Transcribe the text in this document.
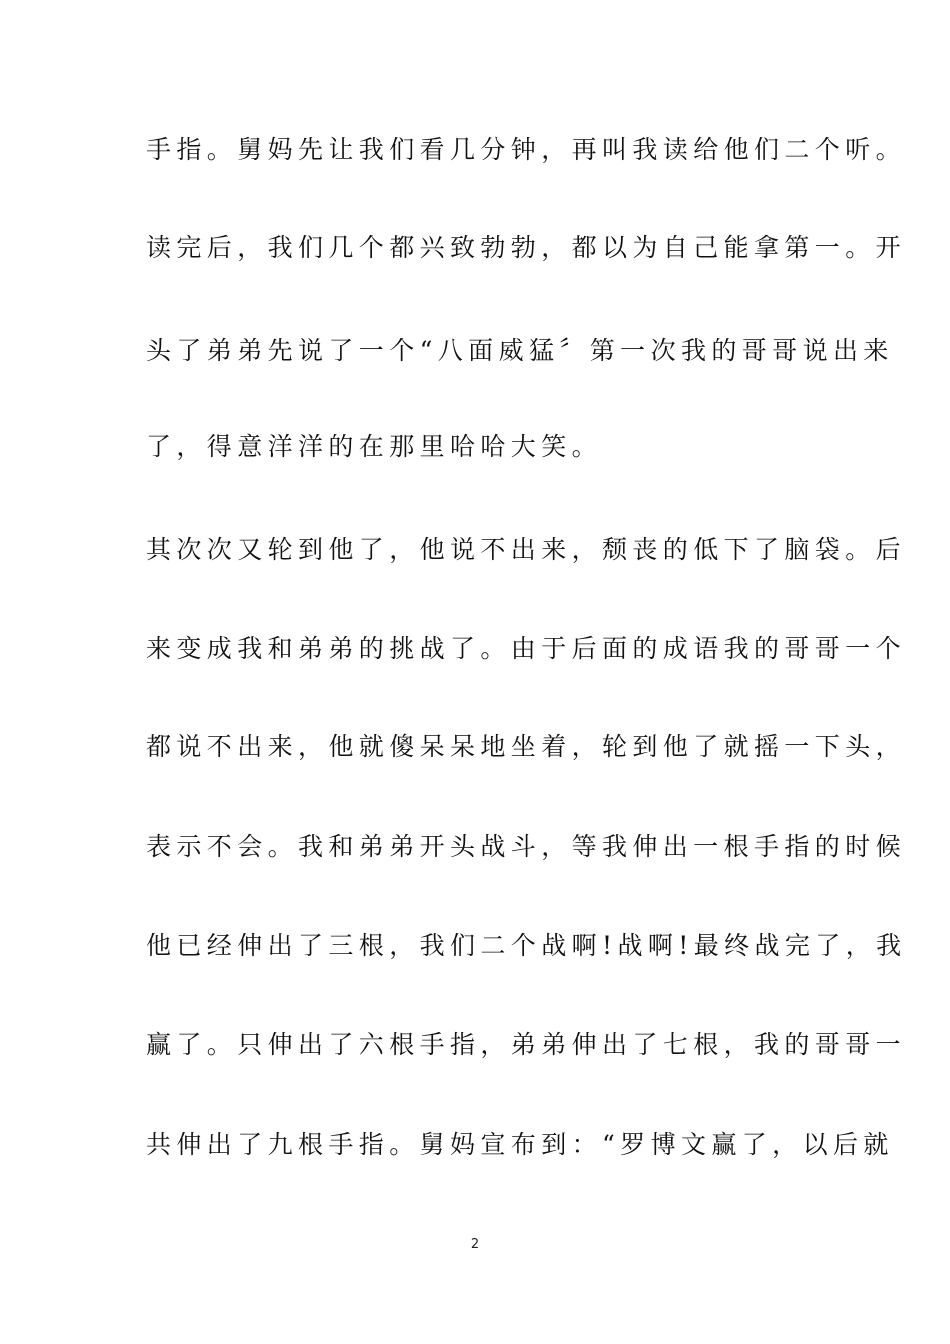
手指。舅妈先让我们看几分钟，再叫我读给他们二个听。
读完后，我们几个都兴致勃勃，都以为自己能拿第一。开
头了弟弟先说了一个“八面威猛〞第一次我的哥哥说出来
了，得意洋洋的在那里哈哈大笑。
其次次又轮到他了，他说不出来，颓丧的低下了脑袋。后
来变成我和弟弟的挑战了。由于后面的成语我的哥哥一个
都说不出来，他就傻呆呆地坐着，轮到他了就摇一下头，
表示不会。我和弟弟开头战斗，等我伸出一根手指的时候
他已经伸出了三根，我们二个战啊!战啊!最终战完了，我
赢了。只伸出了六根手指，弟弟伸出了七根，我的哥哥一
共伸出了九根手指。舅妈宣布到：“罗博文赢了，以后就
2
